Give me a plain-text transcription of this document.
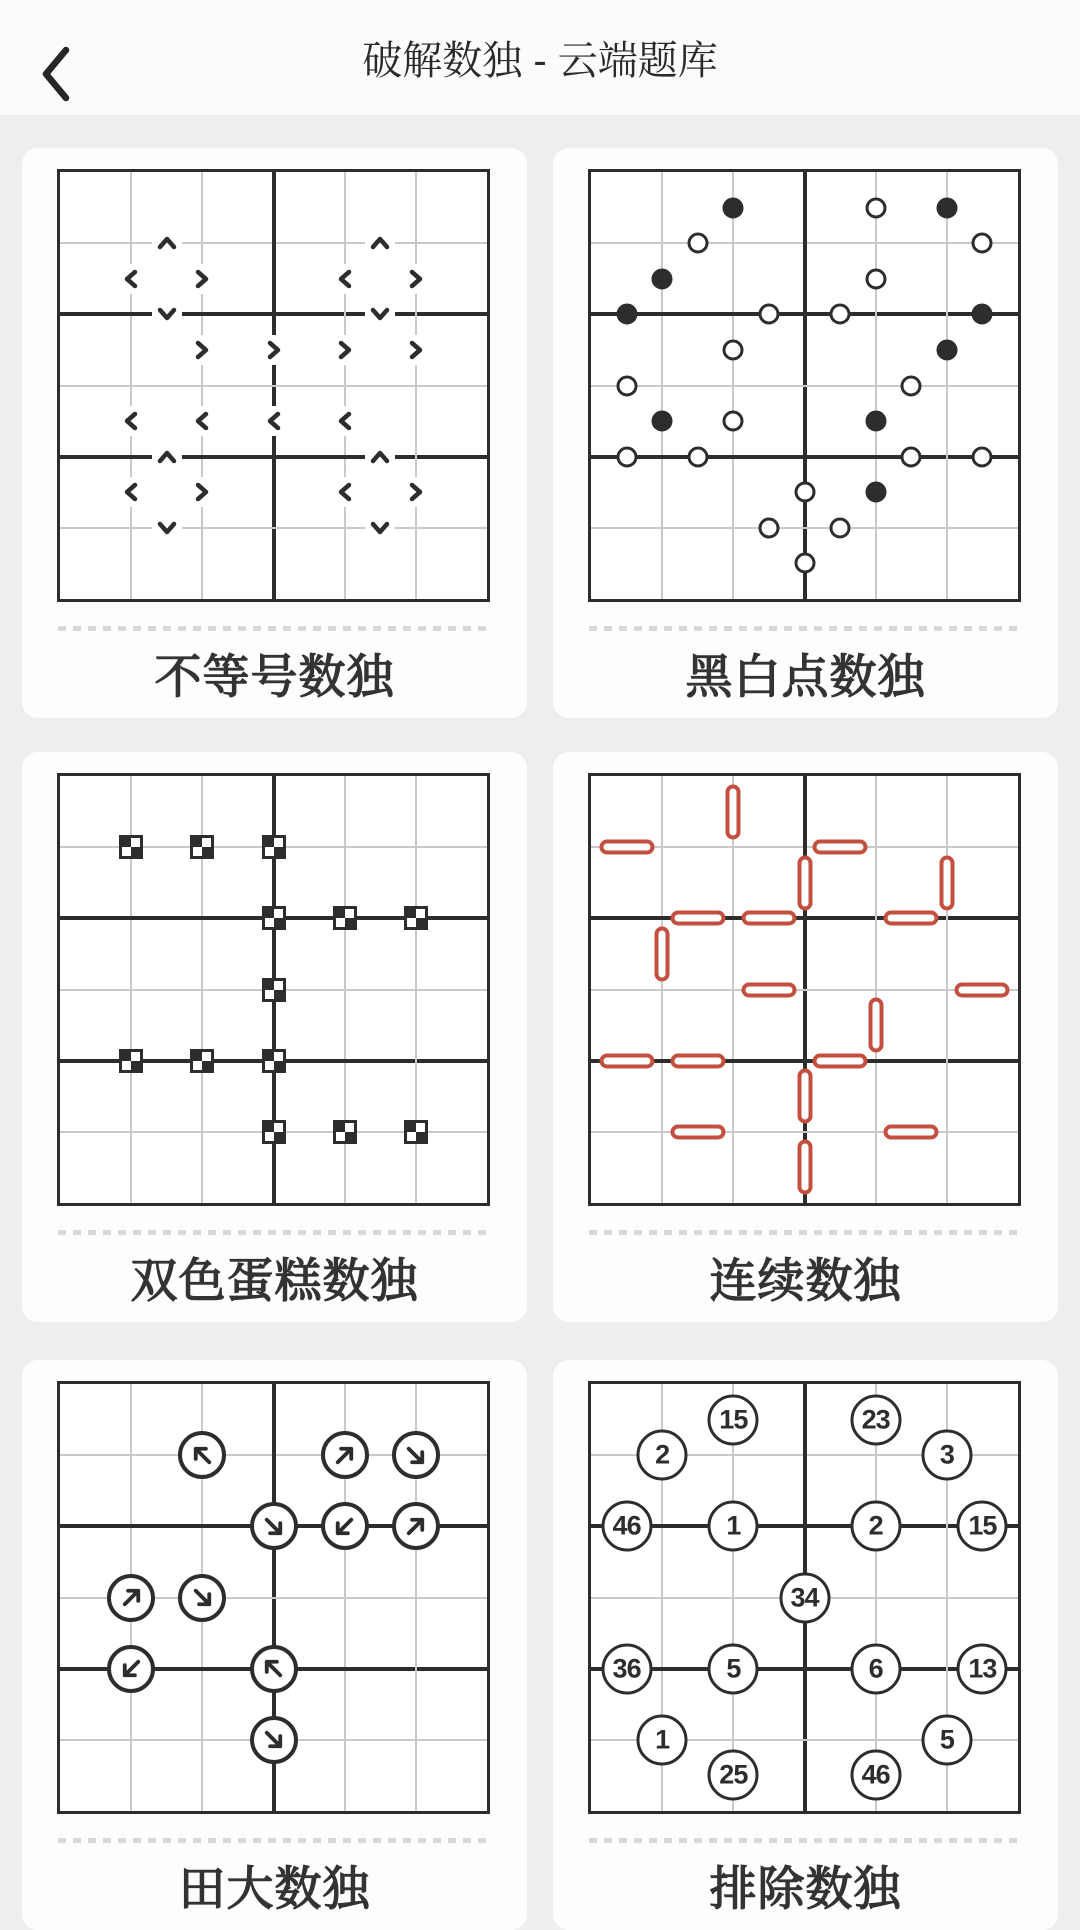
破解数独 - 云端题库
不等号数独	黑白点数独
双色蛋糕数独	连续数独
田大数独
15	23
2	3
46	1	2	15
34
36	5	6	13
1	5
25	46
排除数独
